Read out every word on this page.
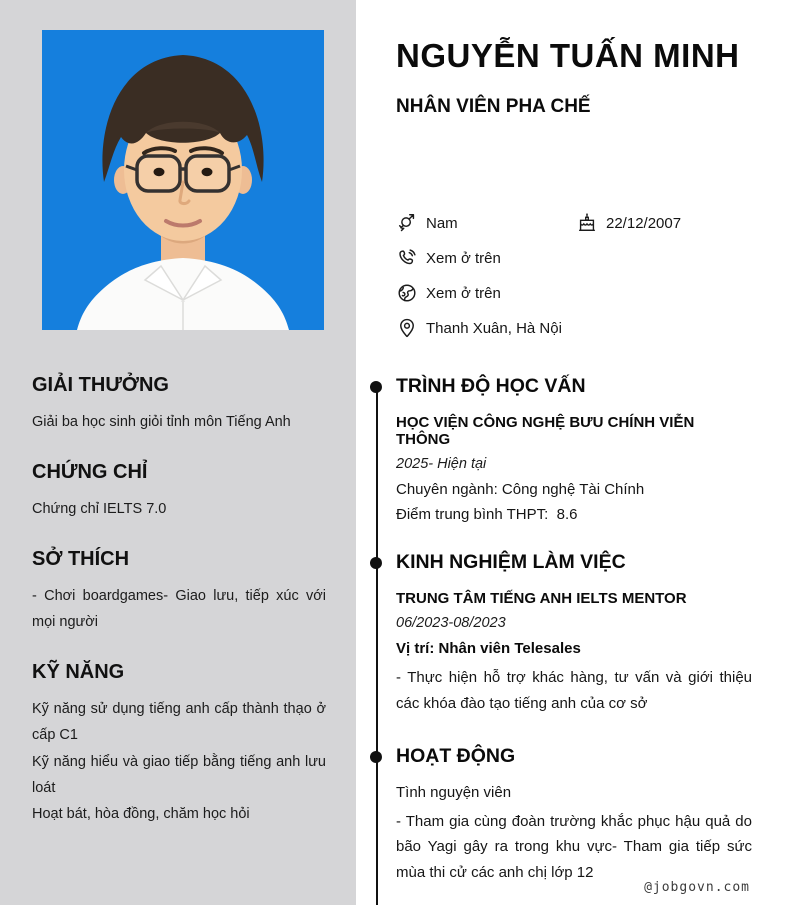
GIẢI THƯỞNG

Giải ba học sinh giỏi tỉnh môn Tiếng Anh

CHỨNG CHỈ

Chứng chỉ IELTS 7.0

SỞ THÍCH

- Chơi boardgames- Giao lưu, tiếp xúc với mọi người

KỸ NĂNG

Kỹ năng sử dụng tiếng anh cấp thành thạo ở cấp C1

Kỹ năng hiểu và giao tiếp bằng tiếng anh lưu loát

Hoạt bát, hòa đồng, chăm học hỏi

NGUYỄN TUẤN MINH
NHÂN VIÊN PHA CHẾ
Nam	22/12/2007
Xem ở trên
Xem ở trên
Thanh Xuân, Hà Nội
TRÌNH ĐỘ HỌC VẤN
HỌC VIỆN CÔNG NGHỆ BƯU CHÍNH VIỄN THÔNG
2025- Hiện tại
Chuyên ngành: Công nghệ Tài Chính
Điểm trung bình THPT:  8.6
KINH NGHIỆM LÀM VIỆC
TRUNG TÂM TIẾNG ANH IELTS MENTOR
06/2023-08/2023
Vị trí: Nhân viên Telesales
- Thực hiện hỗ trợ khác hàng, tư vấn và giới thiệu các khóa đào tạo tiếng anh của cơ sở
HOẠT ĐỘNG
Tình nguyện viên
- Tham gia cùng đoàn trường khắc phục hậu quả do bão Yagi gây ra trong khu vực- Tham gia tiếp sức mùa thi cử các anh chị lớp 12
@jobgovn.com
